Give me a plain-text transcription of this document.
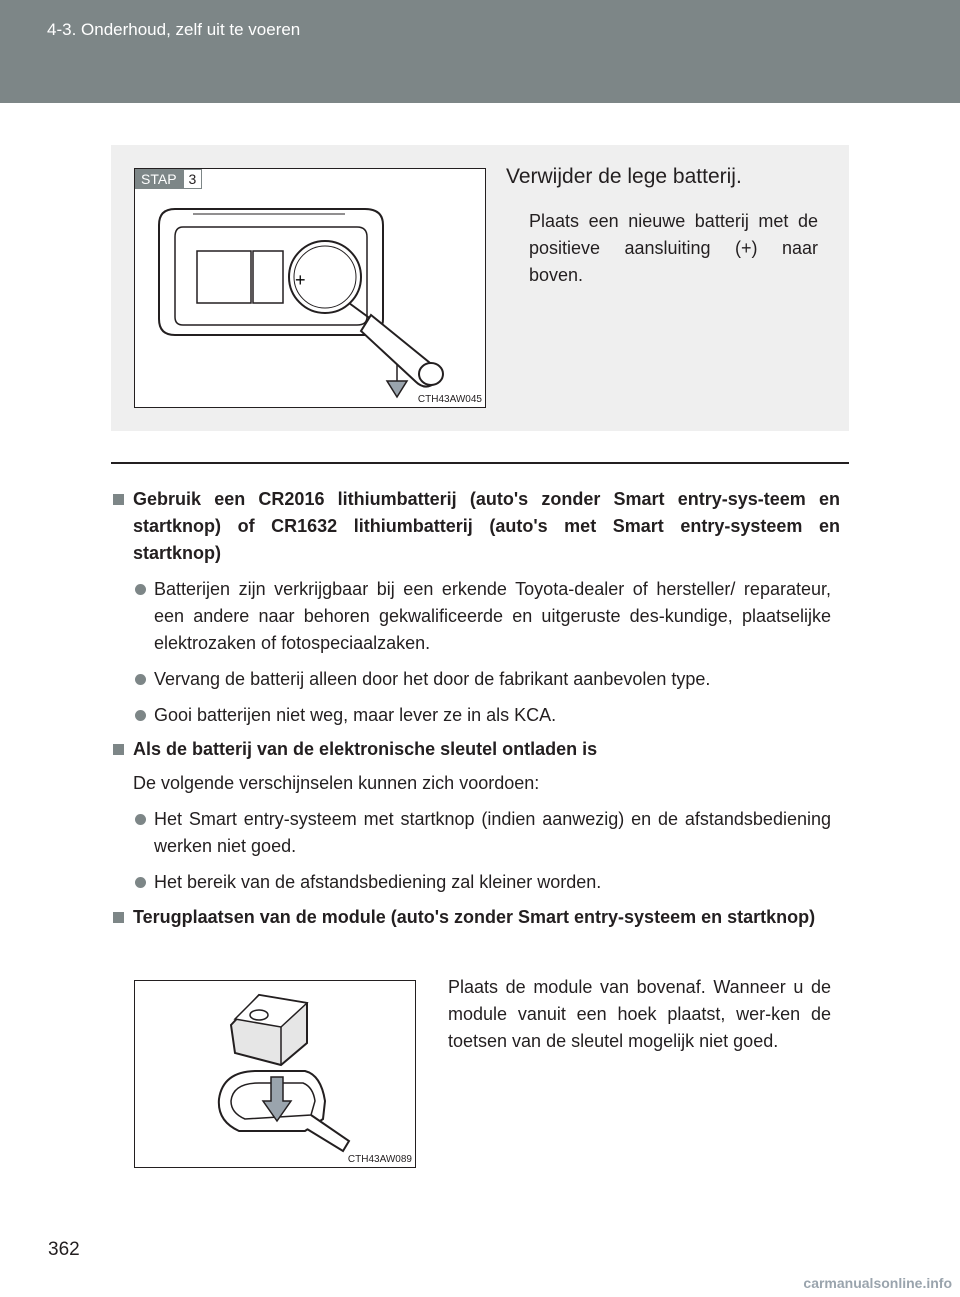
4-3. Onderhoud, zelf uit te voeren
+
STAP 3
CTH43AW045
Verwijder de lege batterij.
Plaats een nieuwe batterij met de positieve aansluiting (+) naar boven.
Gebruik een CR2016 lithiumbatterij (auto's zonder Smart entry-sys-teem en startknop) of CR1632 lithiumbatterij (auto's met Smart entry-systeem en startknop)
Batterijen zijn verkrijgbaar bij een erkende Toyota-dealer of hersteller/ reparateur, een andere naar behoren gekwalificeerde en uitgeruste des-kundige, plaatselijke elektrozaken of fotospeciaalzaken.
Vervang de batterij alleen door het door de fabrikant aanbevolen type.
Gooi batterijen niet weg, maar lever ze in als KCA.
Als de batterij van de elektronische sleutel ontladen is
De volgende verschijnselen kunnen zich voordoen:
Het Smart entry-systeem met startknop (indien aanwezig) en de afstandsbediening werken niet goed.
Het bereik van de afstandsbediening zal kleiner worden.
Terugplaatsen van de module (auto's zonder Smart entry-systeem en startknop)
CTH43AW089
Plaats de module van bovenaf. Wanneer u de module vanuit een hoek plaatst, wer-ken de toetsen van de sleutel mogelijk niet goed.
362
carmanualsonline.info
